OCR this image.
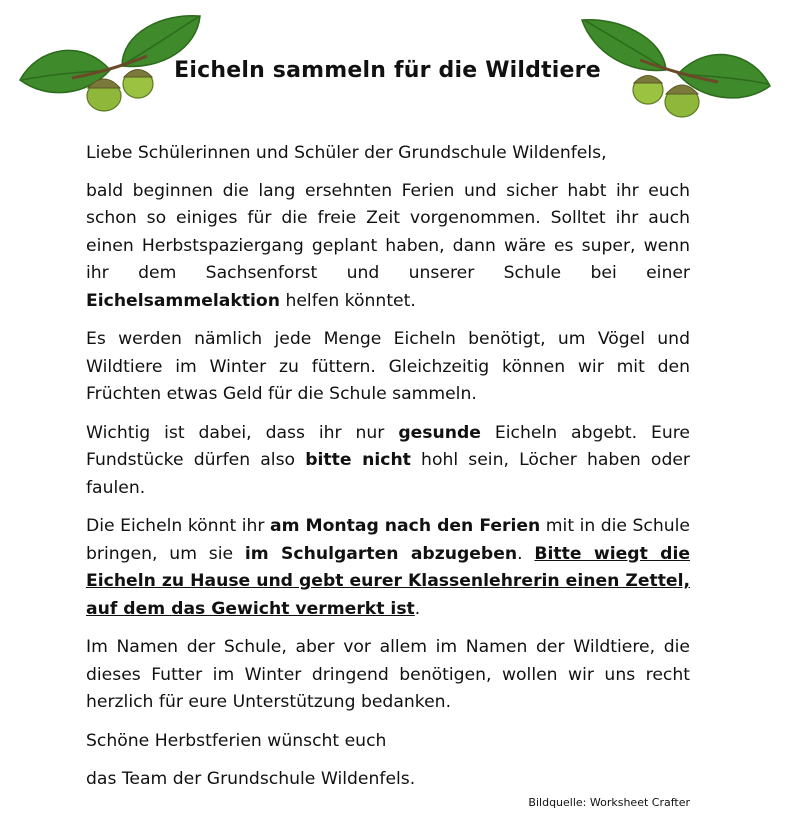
Eicheln sammeln für die Wildtiere

Liebe Schülerinnen und Schüler der Grundschule Wildenfels,

bald beginnen die lang ersehnten Ferien und sicher habt ihr euch schon so einiges für die freie Zeit vorgenommen. Solltet ihr auch einen Herbstspaziergang geplant haben, dann wäre es super, wenn ihr dem Sachsenforst und unserer Schule bei einer Eichelsammelaktion helfen könntet.

Es werden nämlich jede Menge Eicheln benötigt, um Vögel und Wildtiere im Winter zu füttern. Gleichzeitig können wir mit den Früchten etwas Geld für die Schule sammeln.

Wichtig ist dabei, dass ihr nur gesunde Eicheln abgebt. Eure Fundstücke dürfen also bitte nicht hohl sein, Löcher haben oder faulen.

Die Eicheln könnt ihr am Montag nach den Ferien mit in die Schule bringen, um sie im Schulgarten abzugeben. Bitte wiegt die Eicheln zu Hause und gebt eurer Klassenlehrerin einen Zettel, auf dem das Gewicht vermerkt ist.

Im Namen der Schule, aber vor allem im Namen der Wildtiere, die dieses Futter im Winter dringend benötigen, wollen wir uns recht herzlich für eure Unterstützung bedanken.

Schöne Herbstferien wünscht euch

das Team der Grundschule Wildenfels.

Bildquelle: Worksheet Crafter
